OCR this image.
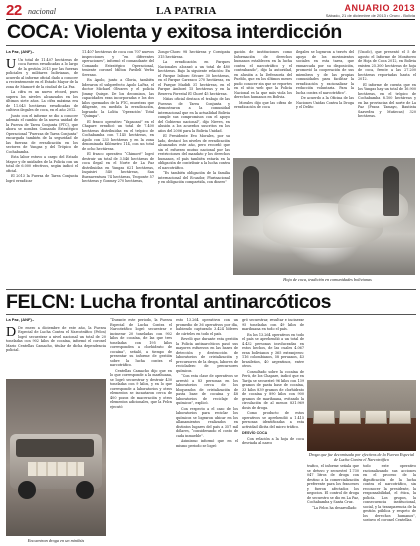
22 nacional	LA PATRIA	ANUARIO 2013
Sábado, 21 de diciembre de 2013 • Oruro - Bolivia
COCA: Violenta y exitosa interdicción
La Paz, (ANF).-

U Un total de 11.407 hectáreas de coca fueron erradicadas a lo largo de la gestión 2013 por las fuerzas policiales y militares bolivianas, de acuerdo al informe oficial dado a conocer a recientemente en el Estado Mayor de la zona de Mamoré de la ciudad de La Paz.

La cifra es un nuevo récord, pues supera los niveles alcanzados en los últimos siete años. La cifra máxima era de 11.043 hectáreas erradicadas de cultivos ilegales de coca, en el año 2012.

Junto con el informe se dio a conocer además el cambio de la nueva unidad de la Fuerza de Tarea Conjunta (FTC), que ahora se nombra Comando Estratégico Operacional “Fuerzas de Tarea Conjunta” encargada también de la seguridad de las fuerzas de erradicación en los sectores de Yungas y del Trópico de Cochabamba.

Esta labor estuvo a cargo del Estado Mayor y de unidades de la Policía con un total de 6.000 efectivos, según indicó el oficial.

El 2013 la Fuerza de Tarea Conjunta logró erradicar

11.407 hectáreas de coca con 707 nuevos inspecciones y “en diferentes operaciones”, informó el comandante del Comando Estratégico Operacional, teniente coronel Milton Pavilelí Yerba Serrano.

En Apolo, junto a Gloria, también lideraron el subprefecto Apolo LaPaz, el doctor Michael Olivares y el policía Jimmy Quispe. De los decomisos, las capacidades eran incorporadas e los dos kilos quemados de la FTC, muestras que diligente, en medida la erradicación, logrando la Lolita ‘Operación’ Total “Quimpa”.

El frasco operativo “Yapacaní” en el Chapare erradicó un total de 7.400 hectáreas distribuidas en el trópico de Cochabamba con 7.145 hectáreas, en Apolo con 233 hectáreas y en la zona denominada Kilómetro 114, con un total de ocho hectáreas.

El frasco operativo “Chimoré” logró destruir un total de 3.546 hectáreas de coca ilegal en el Norte de La Paz distribuidas en Yungas 621 hectáreas, Inquisivi 540 hectáreas, San Buenaventura 74 hectáreas, Teoponte 57 hectáreas y Gosmey 270 hectáreas,

Zongo-Choro 98 hectáreas y Coroipata 315 hectáreas.

La erradicación en Parques Nacionales alcanzó a un total de 480 hectáreas. Bajo la siguiente relación: En el Parque Isiboro Sécure 30 hectáreas, en el Parque Carrasco 270 hectáreas, en el Parque Madidi 31 hectáreas, en el Parque Amboró 15 hectáreas y en la Reserva Forestal El Choré 45 hectáreas.

Niñas oficial destaca el trabajo de las Fuerzas de Tarea Conjunta y demostraron a la comunidad internacional que en la actualidad Bolivia cumple sus compromisos con el apoyo del Gobierno nacional”, dijo Nieves, en alusión a los acuerdos suscritos en los años del 2006 para la Bolivia Unidad.

El Presidente Evo Morales, por su lado, destacó los niveles de erradicación alcanzados este año, pero recordó que sin el esfuerzo mutuo nacional por las restricciones del mandato y los derechos humanos, el país también estaría en la obligación de contribuir a la lucha contra el narcotráfico.

“Es también obligación de la familia internacional del Ecuador, Plurinacional y en obligación compartida, con dinero”

gación de instituciones como Información de derechos humanos establecen en la lucha contra el narcotráfico y el contrabando”, dijo la autoridad, en alusión a la Defensoría del Pueblo, que en los últimos meses pudo conocer sin que se reportes en el sitio web que la Policía Nacional es la que más viola los derechos humanos en Bolivia.

Morales dijo que las cifras de erradicación de coca

ilegales se lograron a través del apoyo de los movimientos sociales en esta tarea, que enmarcada por su disposición, promovió la cooperación de sus miembros y de las propias comunidades para facilitar la erradicación y racionalizar la reducción voluntaria. Para la lucha contra el narcotráfico”.

De acuerdo a la Oficina de las Naciones Unidas Contra la Droga y el Delito

(Unodc), que presentó el 5 de agosto el Informe de Monitoreo de Hoja de Coca 2012, en Bolivia existen 25.300 hectáreas de hoja de coca, frente a las 27.200 hectáreas reportadas hasta el 2012.

El informe de cuenta que en los Yungas hay un total de 16.900 hectáreas, en el trópico de Cochabamba 8.100 hectáreas y en las provincias del norte de La Paz (Franz Tamayo, Bautista Saavedra y Muñecas) 320 hectáreas.

Hoja de coca, tradición en comunidades bolivianas
FELCN: Lucha frontal antinarcóticos
La Paz, (ANF).-

D De enero a diciembre de este año, la Fuerza Especial de Lucha Contra el Narcotráfico (Felcn) logró secuestrar a nivel nacional un total de 20 toneladas con 902 kilos de cocaína, informó el coronel Mario Centellas Camacho, titular de dicha dependencia policial.

“Durante este periodo, la Fuerza Especial de Lucha Contra el Narcotráfico logró secuestrar e incinerar 20 toneladas con 902 kilos de cocaína, de las que tres toneladas con 195 kilos corresponden a clorhidrato de cocaína”, señaló, a tiempo de presentar su informe de gestión sobre la lucha contra el narcotráfico.

Centellas Camacho dijo que en lo que corresponde a la marihuana, se logró secuestrar y destruir 430 toneladas con 9 kilos, y en lo que corresponde a laboratorios y otros elementos se incautaron cerca de 400 pozos de maceración y otros elementos adicionales, que la Felcn ejecutó

esto 13.264 operativos con un promedio de 36 operativos por día, habiendo capturado 3.424 líderes de cárteles en todo el país.

Reveló que durante esta gestión la Policía antinarcóticos pasó sus mayores esfuerzos en las bases de detección y destrucción de laboratorios de cristalización y precursores de la droga, labores de recicladero de precursores químicos.

“Con esta clase de operativos se arrestó a 83 personas en los laboratorios cerca de los bloqueados de cristalización de pasta base de cocaína y 48 laboratorios de reciclaje de químicos”, explicó.

Con respecto a el caso de los laboratorios para reciclar los químicos se lograron ubicar en los allanamientos realizados en distintos lugares del país a 357 mil dólares, “considerando el costo de cada inmueble”.

Asimismo informó que en el mismo periodo se logró

gró secuestrar, resultar e incinerar 95 toneladas con 49 kilos de marihuana en todo el país.

En los 13.264 operativos en todo el país se aprehendió a un total de 4.432 personas involucradas en estos hechos, de las cuales 4.067 eran bolivianos y 365 extranjeros: 116 colombianos, 58 peruanos, 43 brasileños, 40 argentinos, entre otros.

Consultado sobre la cocaína de Perú, de los Chapare, indicó que en Tarija se secuestró 96 kilos con 139 gramos de pasta base de cocaína, 33 kilos 839 gramos de clorhidrato de cocaína y 890 kilos con 900 gramos de marihuana, evitando la circulación de al menos 831.969 dosis de droga.

Como producto de estos operativos se aprehendió a 1.415 personas identificadas a esta actividad ilícita del micro tráfico.

DESVÍO COCA

Con relación a la hoja de coca desviada al narco

trafico, el informe señala que se detuvo y secuestró 1.730 047 litros de droga con destino a la comercialización preferente para los franceses y fueron afectados los negocios. El control de droga de secuestro se dio en La Paz, Cochabamba y Santa Cruz.

“La Felcn ha desarrollado

todo este operativo racionalizando sus acciones en el proceso de la dignificación de la lucha contra el narcotráfico, sin reconocer la presidente, la responsabilidad, el ética, la policía. Los grupos, la consecuencia institucional, social, y la transparencia de la gestión pública y respeto de los derechos humanos”, sostuvo el coronel Centellas.

Encuentran droga en un minibús
Droga que fue decomisada por efectivos de la Fuerza Especial de Lucha Contra el Narcotráfico
